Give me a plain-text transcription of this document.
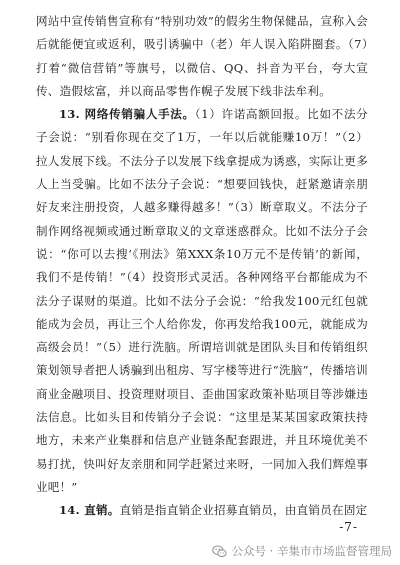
网站中宣传销售宣称有“特别功效”的假劣生物保健品，宣称入会后就能便宜或返利，吸引诱骗中（老）年人误入陷阱圈套。（7）打着“微信营销”等旗号，以微信、QQ、抖音为平台，夸大宣传、造假炫富，并以商品零售作幌子发展下线非法牟利。

13. 网络传销骗人手法。（1）许诺高额回报。比如不法分子会说：“别看你现在交了1万，一年以后就能赚10万！”（2）拉人发展下线。不法分子以发展下线拿提成为诱惑，实际让更多人上当受骗。比如不法分子会说：“想要回钱快，赶紧邀请亲朋好友来注册投资，人越多赚得越多！”（3）断章取义。不法分子制作网络视频或通过断章取义的文章迷惑群众。比如不法分子会说：“你可以去搜‘《刑法》第XXX条10万元不是传销’的新闻，我们不是传销！”（4）投资形式灵活。各种网络平台都能成为不法分子谋财的渠道。比如不法分子会说：“给我发100元红包就能成为会员，再让三个人给你发，你再发给我100元，就能成为高级会员！”（5）进行洗脑。所谓培训就是团队头目和传销组织策划领导者把人诱骗到出租房、写字楼等进行“洗脑”，传播培训商业金融项目、投资理财项目、歪曲国家政策补贴项目等涉嫌违法信息。比如头目和传销分子会说：“这里是某某国家政策扶持地方，未来产业集群和信息产业链条配套跟进，并且环境优美不易打扰，快叫好友亲朋和同学赶紧过来呀，一同加入我们辉煌事业吧！”

14. 直销。直销是指直销企业招募直销员，由直销员在固定

-7-
公众号 · 辛集市市场监督管理局
